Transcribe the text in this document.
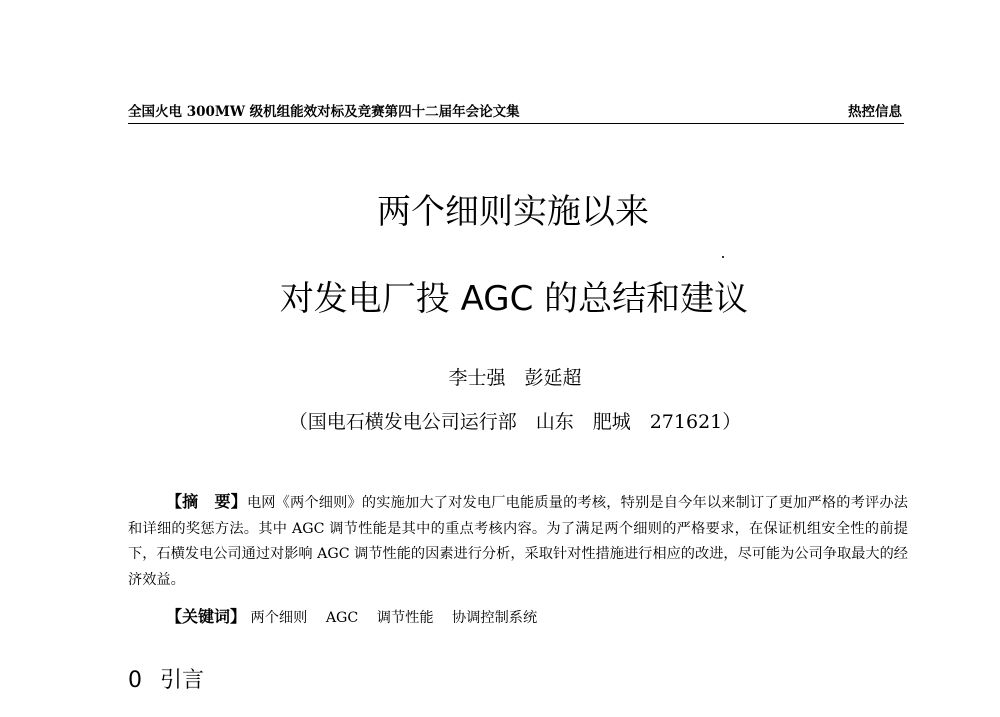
全国火电 300MW 级机组能效对标及竞赛第四十二届年会论文集	热控信息
两个细则实施以来
对发电厂投 AGC 的总结和建议
李士强　彭延超
（国电石横发电公司运行部　山东　肥城　271621）
【摘　要】电网《两个细则》的实施加大了对发电厂电能质量的考核，特别是自今年以来制订了更加严格的考评办法和详细的奖惩方法。其中 AGC 调节性能是其中的重点考核内容。为了满足两个细则的严格要求，在保证机组安全性的前提下，石横发电公司通过对影响 AGC 调节性能的因素进行分析，采取针对性措施进行相应的改进，尽可能为公司争取最大的经济效益。
【关键词】 两个细则 AGC 调节性能 协调控制系统
0 引言
